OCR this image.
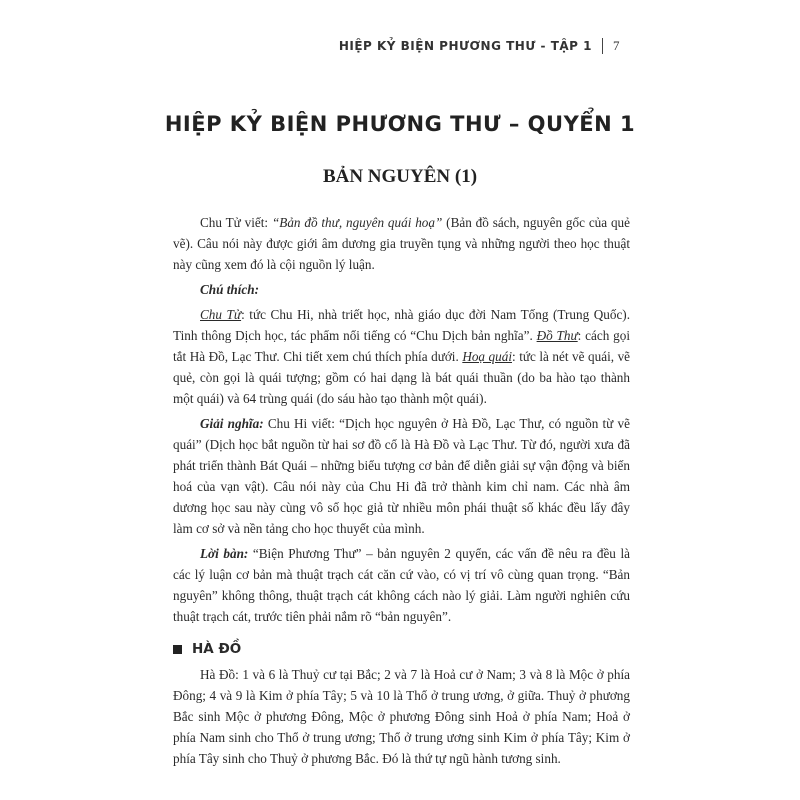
HIỆP KỶ BIỆN PHƯƠNG THƯ - TẬP 1 7
HIỆP KỶ BIỆN PHƯƠNG THƯ – QUYỂN 1
BẢN NGUYÊN (1)

Chu Tử viết: “Bản đồ thư, nguyên quái hoạ” (Bản đồ sách, nguyên gốc của quẻ vẽ). Câu nói này được giới âm dương gia truyền tụng và những người theo học thuật này cũng xem đó là cội nguồn lý luận.

Chú thích:

Chu Tử: tức Chu Hi, nhà triết học, nhà giáo dục đời Nam Tống (Trung Quốc). Tinh thông Dịch học, tác phẩm nổi tiếng có “Chu Dịch bản nghĩa”. Đồ Thư: cách gọi tắt Hà Đồ, Lạc Thư. Chi tiết xem chú thích phía dưới. Hoạ quái: tức là nét vẽ quái, vẽ quẻ, còn gọi là quái tượng; gồm có hai dạng là bát quái thuần (do ba hào tạo thành một quái) và 64 trùng quái (do sáu hào tạo thành một quái).

Giải nghĩa: Chu Hi viết: “Dịch học nguyên ở Hà Đồ, Lạc Thư, có nguồn từ vẽ quái” (Dịch học bắt nguồn từ hai sơ đồ cổ là Hà Đồ và Lạc Thư. Từ đó, người xưa đã phát triển thành Bát Quái – những biểu tượng cơ bản để diễn giải sự vận động và biến hoá của vạn vật). Câu nói này của Chu Hi đã trở thành kim chỉ nam. Các nhà âm dương học sau này cùng vô số học giả từ nhiều môn phái thuật số khác đều lấy đây làm cơ sở và nền tảng cho học thuyết của mình.

Lời bàn: “Biện Phương Thư” – bản nguyên 2 quyển, các vấn đề nêu ra đều là các lý luận cơ bản mà thuật trạch cát căn cứ vào, có vị trí vô cùng quan trọng. “Bản nguyên” không thông, thuật trạch cát không cách nào lý giải. Làm người nghiên cứu thuật trạch cát, trước tiên phải nắm rõ “bản nguyên”.

HÀ ĐỒ

Hà Đồ: 1 và 6 là Thuỷ cư tại Bắc; 2 và 7 là Hoả cư ở Nam; 3 và 8 là Mộc ở phía Đông; 4 và 9 là Kim ở phía Tây; 5 và 10 là Thổ ở trung ương, ở giữa. Thuỷ ở phương Bắc sinh Mộc ở phương Đông, Mộc ở phương Đông sinh Hoả ở phía Nam; Hoả ở phía Nam sinh cho Thổ ở trung ương; Thổ ở trung ương sinh Kim ở phía Tây; Kim ở phía Tây sinh cho Thuỷ ở phương Bắc. Đó là thứ tự ngũ hành tương sinh.
